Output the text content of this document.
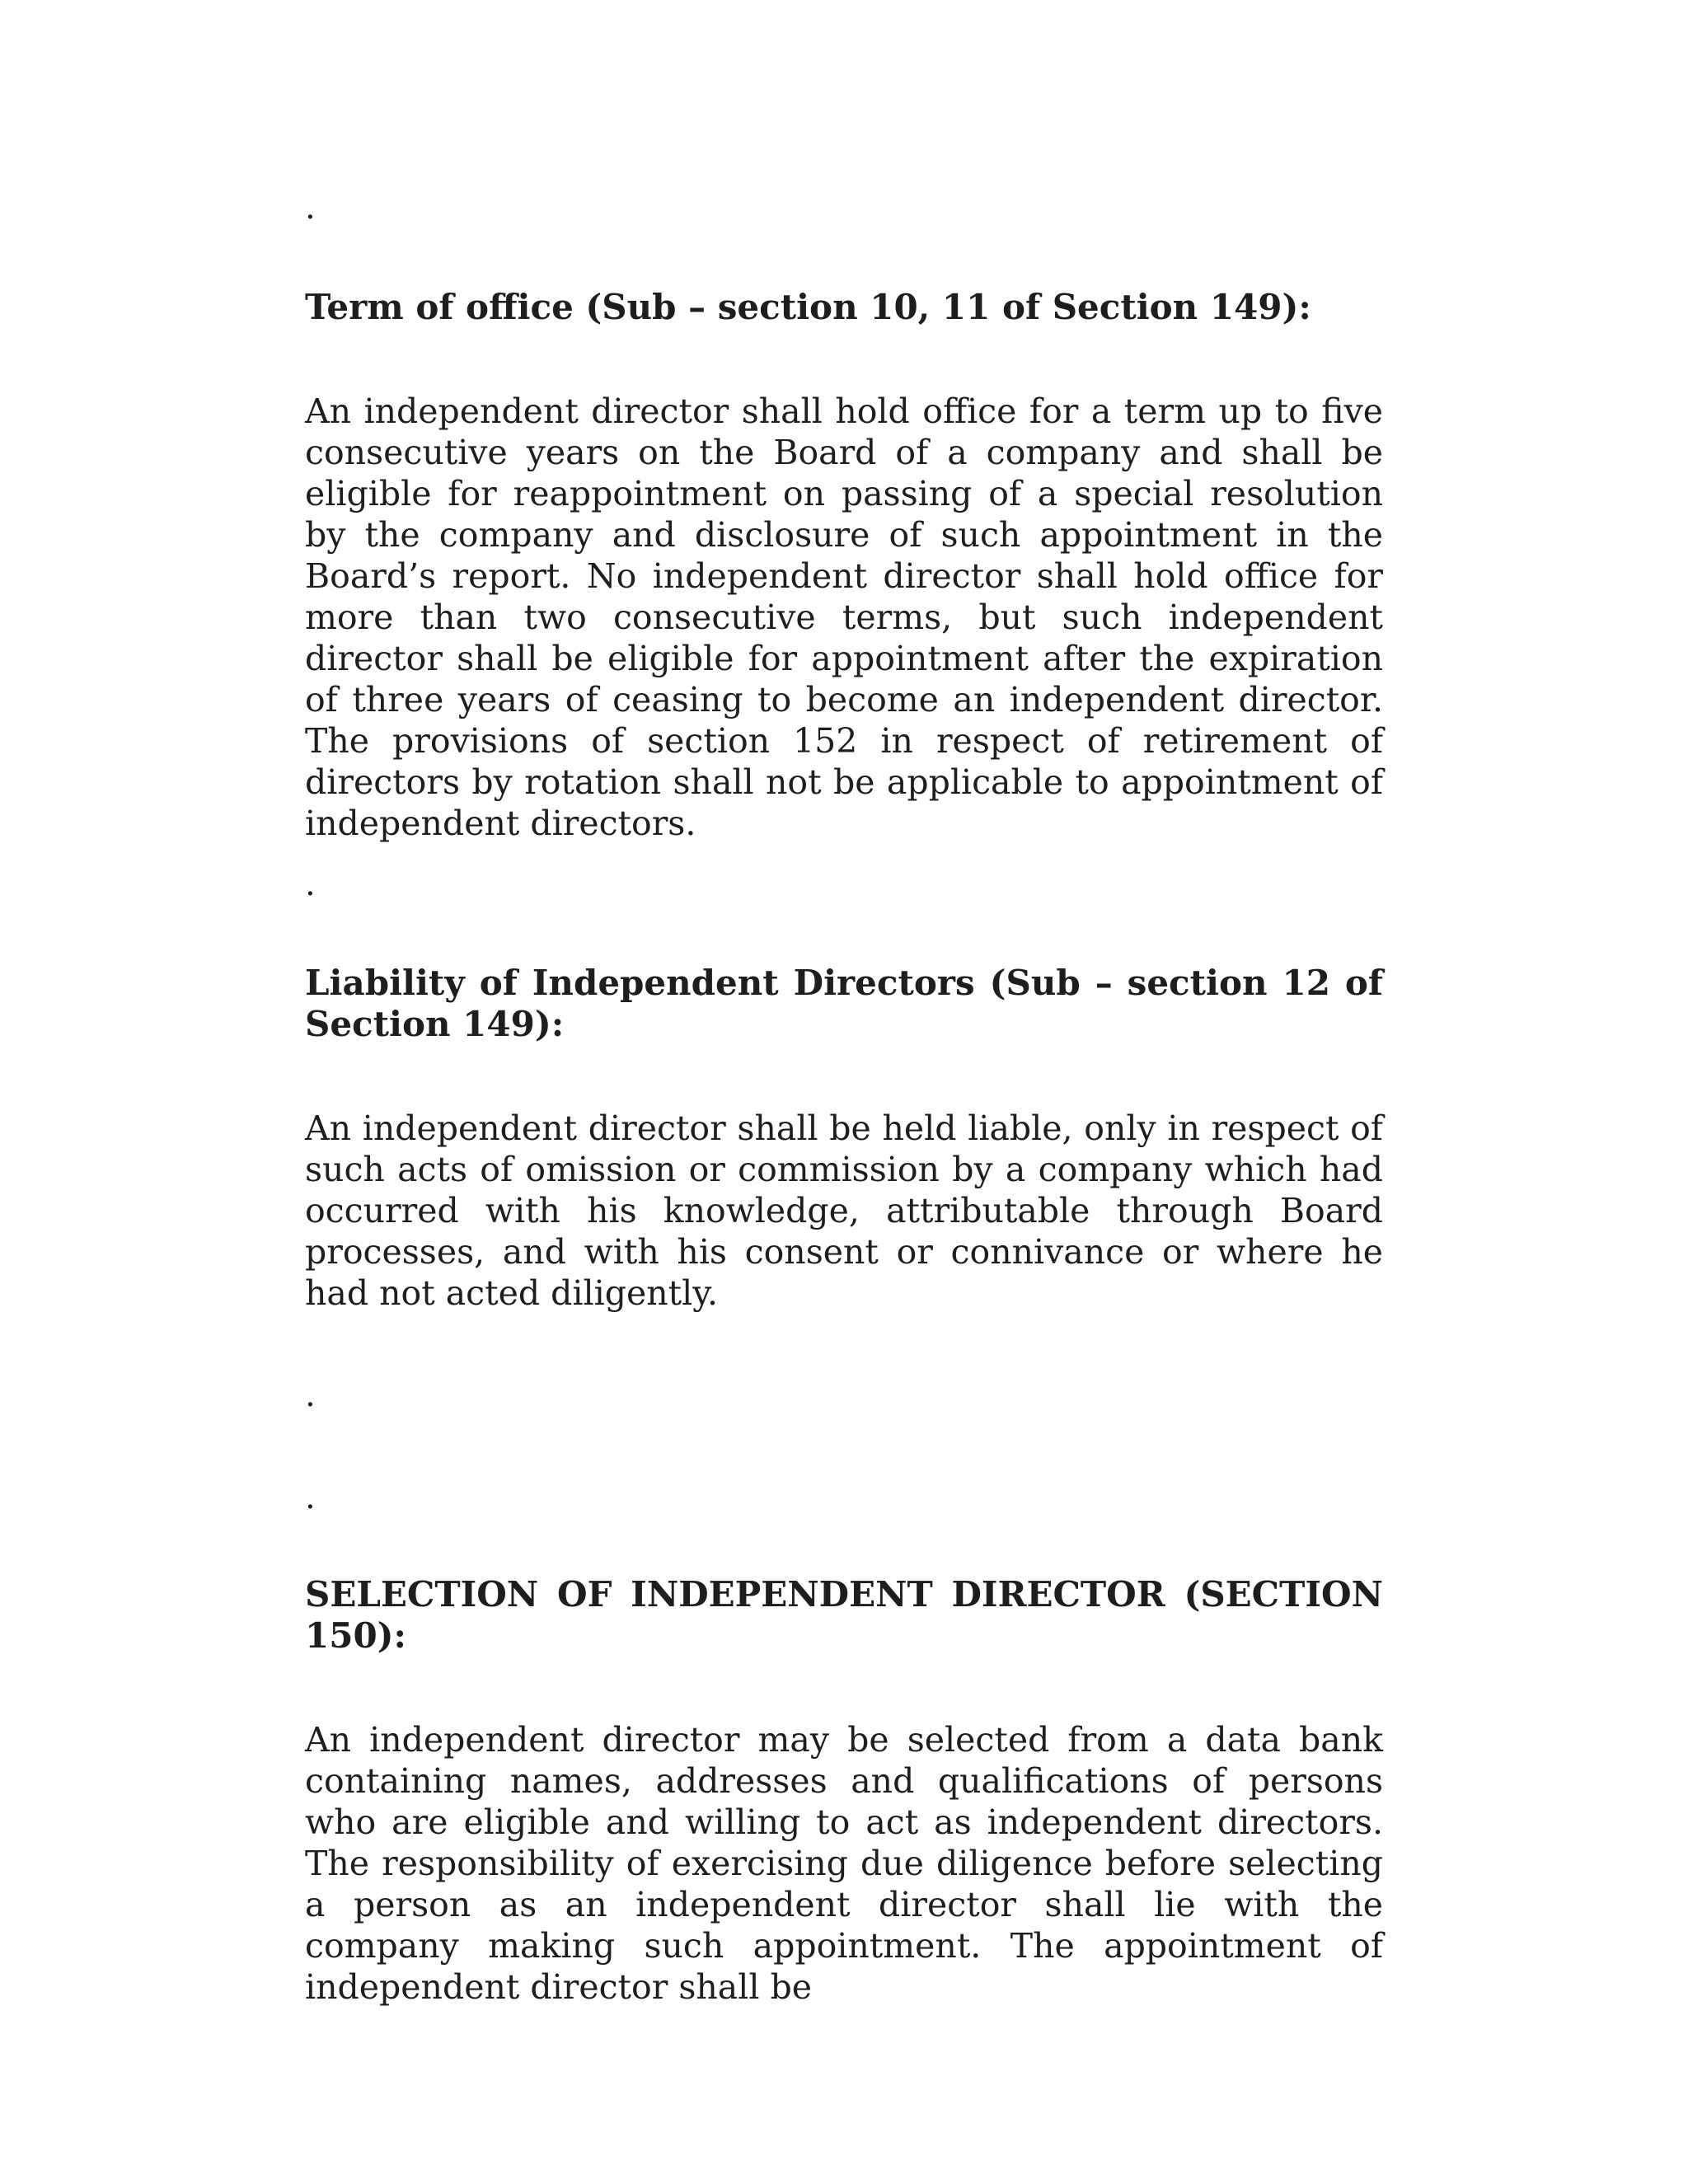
.
Term of office (Sub – section 10, 11 of Section 149):

An independent director shall hold office for a term up to five consecutive years on the Board of a company and shall be eligible for reappointment on passing of a special resolution by the company and disclosure of such appointment in the Board’s report. No independent director shall hold office for more than two consecutive terms, but such independent director shall be eligible for appointment after the expiration of three years of ceasing to become an independent director. The provisions of section 152 in respect of retirement of directors by rotation shall not be applicable to appointment of independent directors.

.
Liability of Independent Directors (Sub – section 12 of Section 149):

An independent director shall be held liable, only in respect of such acts of omission or commission by a company which had occurred with his knowledge, attributable through Board processes, and with his consent or connivance or where he had not acted diligently.

.
.
SELECTION OF INDEPENDENT DIRECTOR (SECTION 150):

An independent director may be selected from a data bank containing names, addresses and qualifications of persons who are eligible and willing to act as independent directors. The responsibility of exercising due diligence before selecting a person as an independent director shall lie with the company making such appointment. The appointment of independent director shall be
